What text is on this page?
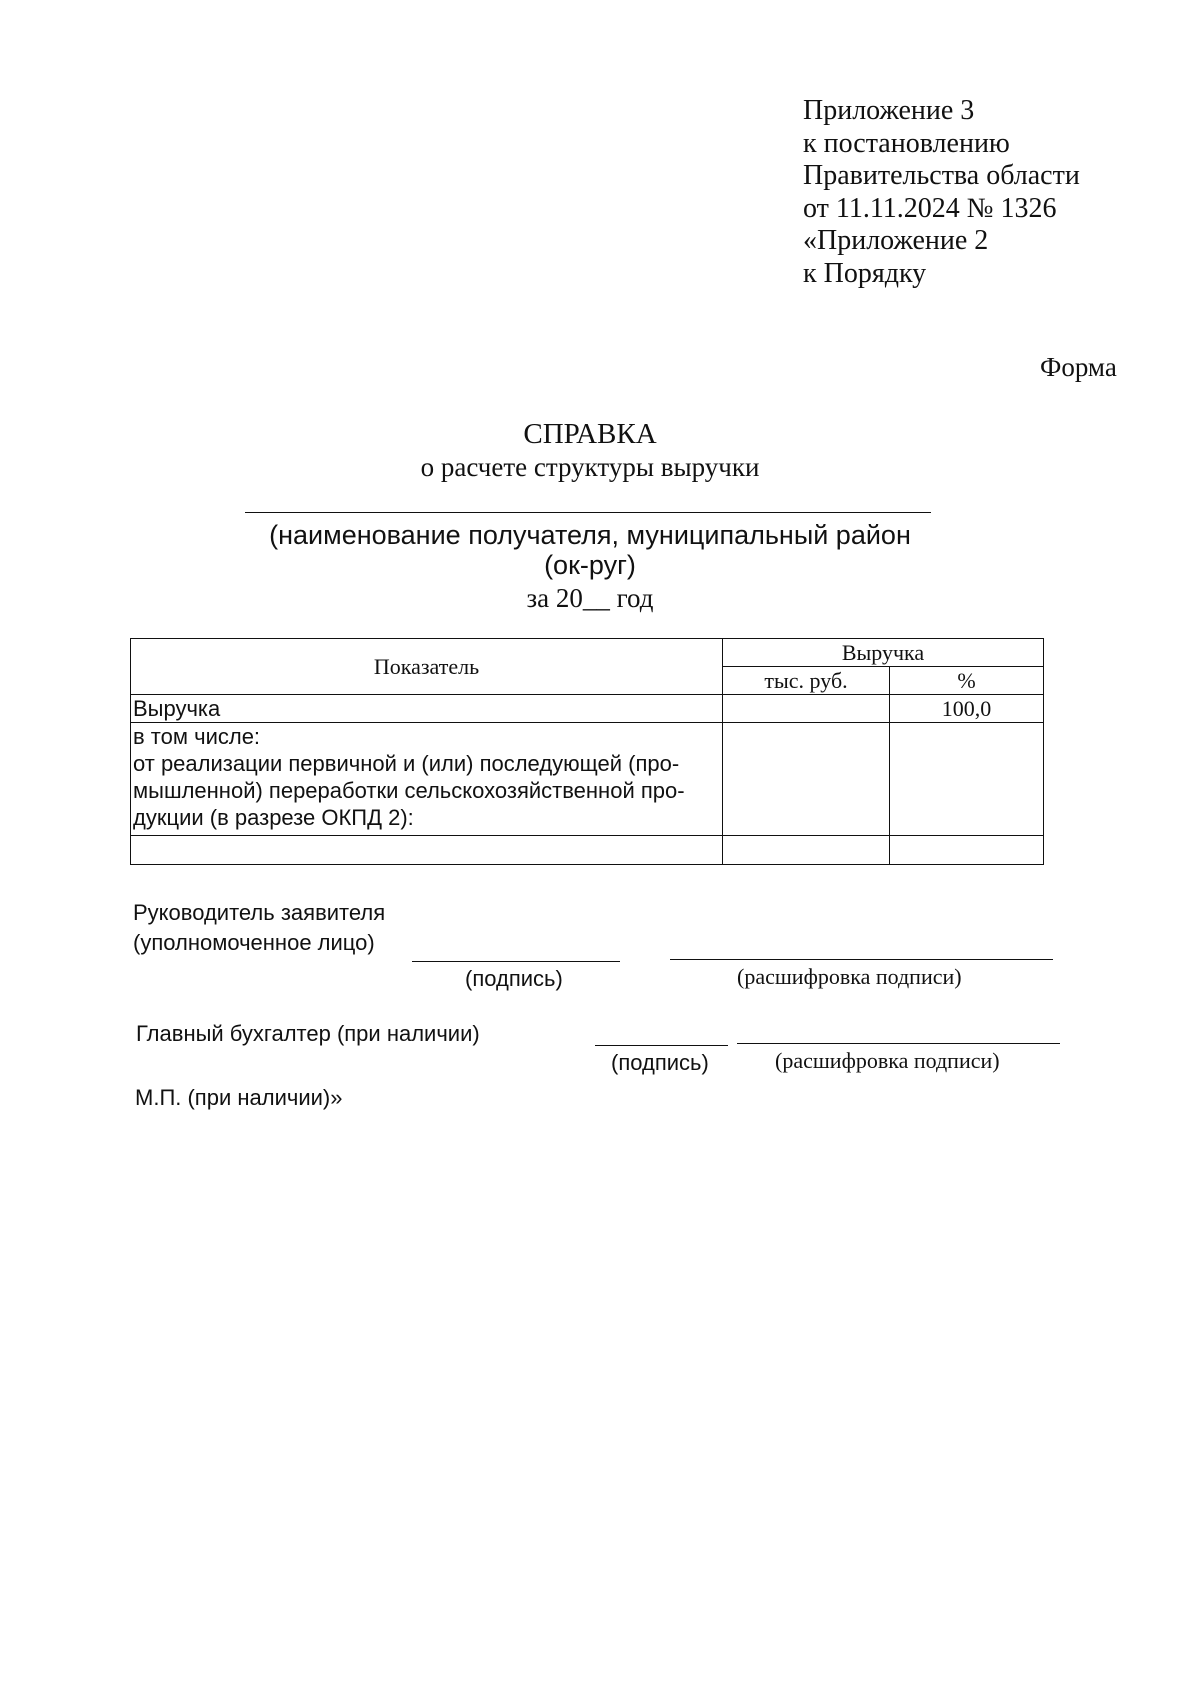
Приложение 3
к постановлению
Правительства области
от 11.11.2024 № 1326
«Приложение 2
к Порядку
Форма
СПРАВКА
о расчете структуры выручки
(наименование получателя, муниципальный район (ок-руг)
за 20__ год
Показатель	Выручка	
	тыс. руб.	%
Выручка		100,0
в том числе:
от реализации первичной и (или) последующей (про-
мышленной) переработки сельскохозяйственной про-
дукции (в разрезе ОКПД 2):		

Руководитель заявителя
(уполномоченное лицо)
(подпись)	(расшифровка подписи)
Главный бухгалтер (при наличии)
(подпись)	(расшифровка подписи)
М.П. (при наличии)»
